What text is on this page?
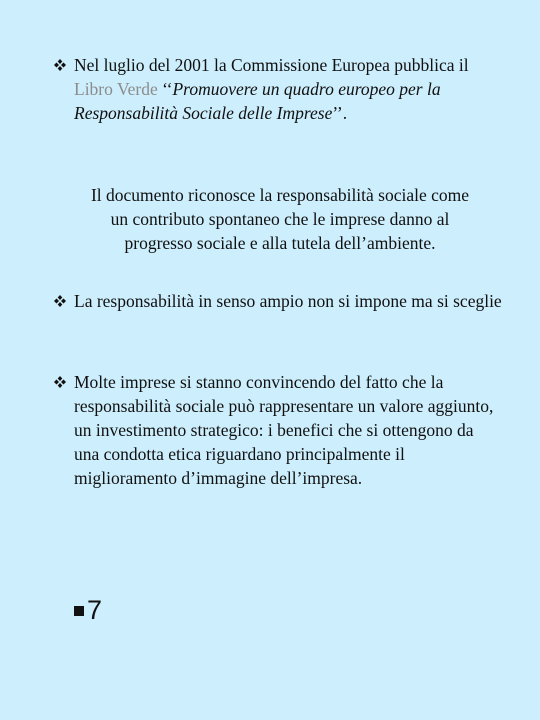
Nel luglio del 2001 la Commissione Europea pubblica il Libro Verde ‘‘Promuovere un quadro europeo per la Responsabilità Sociale delle Imprese’’.
Il documento riconosce la responsabilità sociale come
un contributo spontaneo che le imprese danno al
progresso sociale e alla tutela dell’ambiente.
La responsabilità in senso ampio non si impone ma si sceglie
Molte imprese si stanno convincendo del fatto che la responsabilità sociale può rappresentare un valore aggiunto, un investimento strategico: i benefici che si ottengono da una condotta etica riguardano principalmente il miglioramento d’immagine dell’impresa.
7
